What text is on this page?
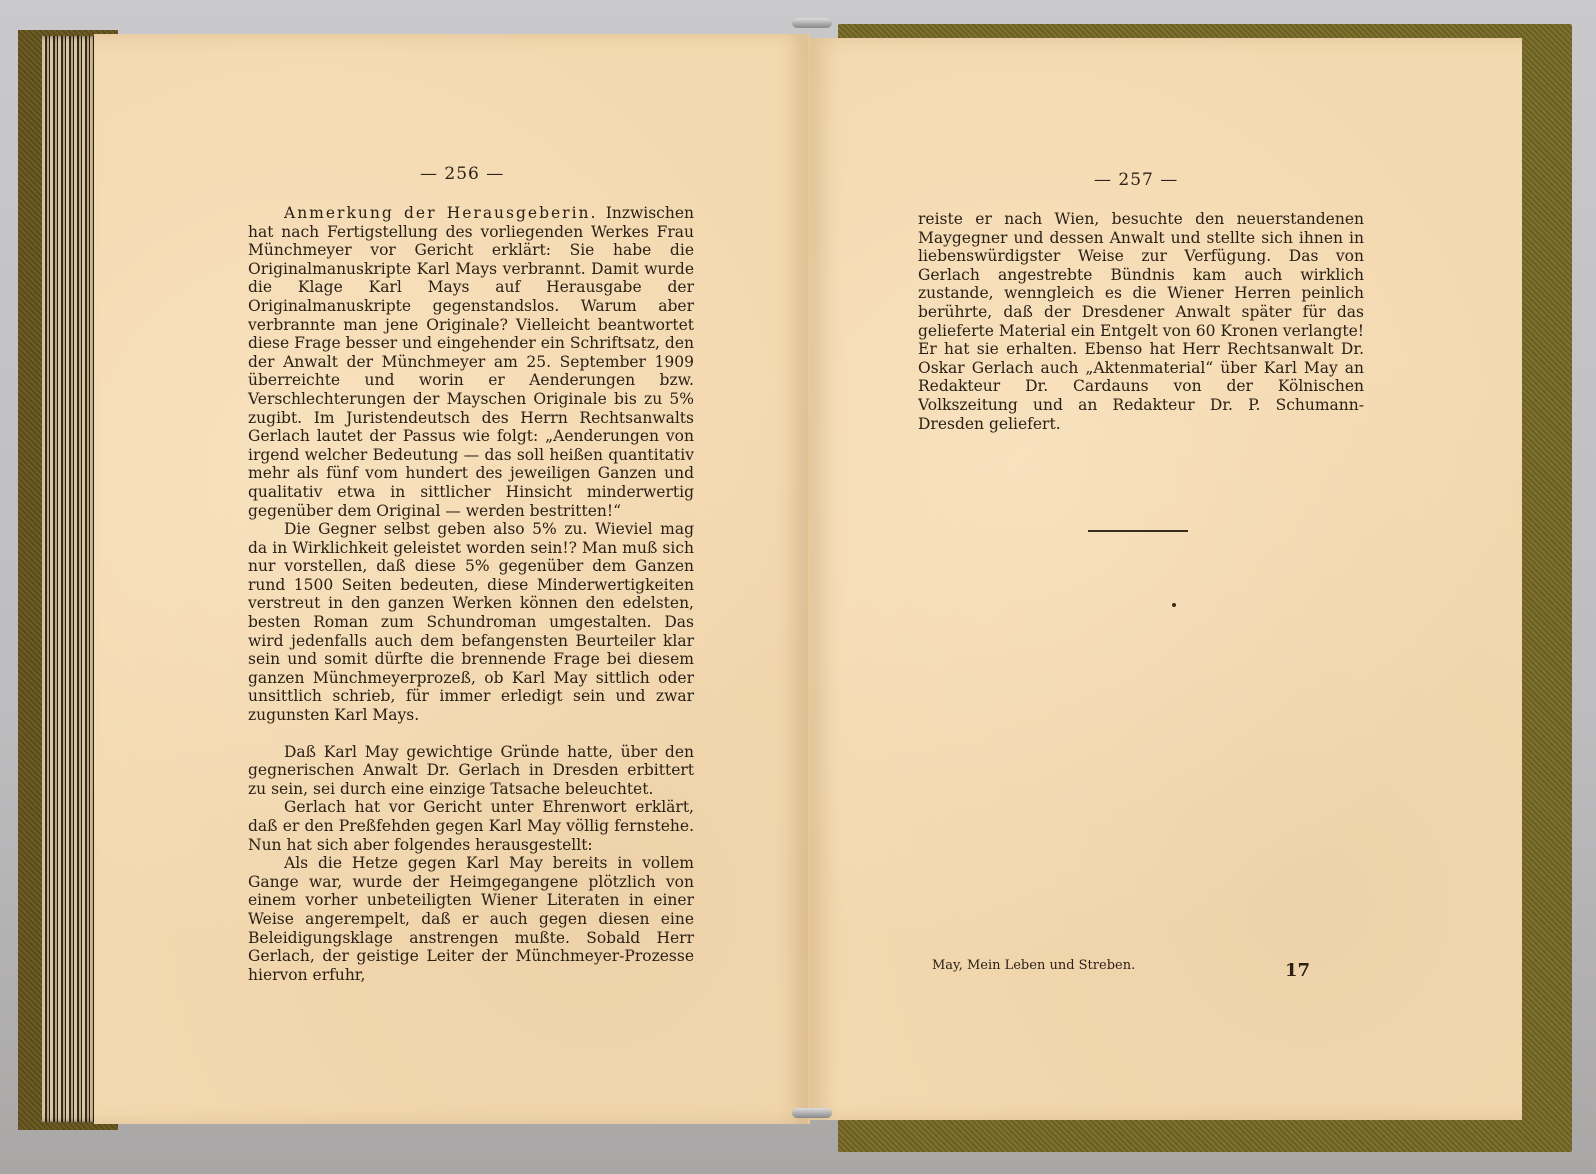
— 256 —

Anmerkung der Herausgeberin. Inzwischen hat nach Fertigstellung des vorliegenden Werkes Frau Münchmeyer vor Gericht erklärt: Sie habe die Originalmanuskripte Karl Mays verbrannt. Damit wurde die Klage Karl Mays auf Herausgabe der Originalmanuskripte gegenstandslos. Warum aber verbrannte man jene Originale? Vielleicht beantwortet diese Frage besser und eingehender ein Schriftsatz, den der Anwalt der Münchmeyer am 25. September 1909 überreichte und worin er Aenderungen bzw. Verschlechterungen der Mayschen Originale bis zu 5% zugibt. Im Juristendeutsch des Herrn Rechtsanwalts Gerlach lautet der Passus wie folgt: „Aenderungen von irgend welcher Bedeutung — das soll heißen quantitativ mehr als fünf vom hundert des jeweiligen Ganzen und qualitativ etwa in sittlicher Hinsicht minderwertig gegenüber dem Original — werden bestritten!“

Die Gegner selbst geben also 5% zu. Wieviel mag da in Wirklichkeit geleistet worden sein!? Man muß sich nur vorstellen, daß diese 5% gegenüber dem Ganzen rund 1500 Seiten bedeuten, diese Minderwertigkeiten verstreut in den ganzen Werken können den edelsten, besten Roman zum Schundroman umgestalten. Das wird jedenfalls auch dem befangensten Beurteiler klar sein und somit dürfte die brennende Frage bei diesem ganzen Münchmeyerprozeß, ob Karl May sittlich oder unsittlich schrieb, für immer erledigt sein und zwar zugunsten Karl Mays.

Daß Karl May gewichtige Gründe hatte, über den gegnerischen Anwalt Dr. Gerlach in Dresden erbittert zu sein, sei durch eine einzige Tatsache beleuchtet.

Gerlach hat vor Gericht unter Ehrenwort erklärt, daß er den Preßfehden gegen Karl May völlig fernstehe. Nun hat sich aber folgendes herausgestellt:

Als die Hetze gegen Karl May bereits in vollem Gange war, wurde der Heimgegangene plötzlich von einem vorher unbeteiligten Wiener Literaten in einer Weise angerempelt, daß er auch gegen diesen eine Beleidigungsklage anstrengen mußte. Sobald Herr Gerlach, der geistige Leiter der Münchmeyer-Prozesse hiervon erfuhr,

— 257 —

reiste er nach Wien, besuchte den neuerstandenen Maygegner und dessen Anwalt und stellte sich ihnen in liebenswürdigster Weise zur Verfügung. Das von Gerlach angestrebte Bündnis kam auch wirklich zustande, wenngleich es die Wiener Herren peinlich berührte, daß der Dresdener Anwalt später für das gelieferte Material ein Entgelt von 60 Kronen verlangte! Er hat sie erhalten. Ebenso hat Herr Rechtsanwalt Dr. Oskar Gerlach auch „Aktenmaterial“ über Karl May an Redakteur Dr. Cardauns von der Kölnischen Volkszeitung und an Redakteur Dr. P. Schumann-Dresden geliefert.

May, Mein Leben und Streben.	17
